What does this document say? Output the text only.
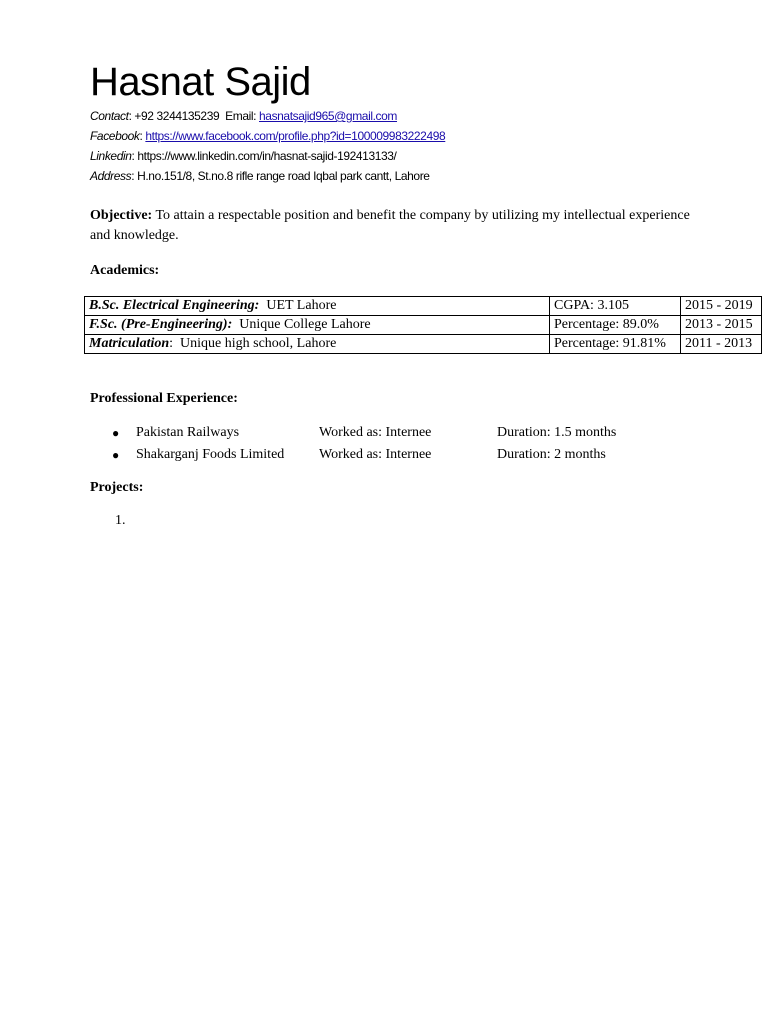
Hasnat Sajid
Contact: +92 3244135239 Email: hasnatsajid965@gmail.com
Facebook: https://www.facebook.com/profile.php?id=100009983222498
Linkedin: https://www.linkedin.com/in/hasnat-sajid-192413133/
Address: H.no.151/8, St.no.8 rifle range road Iqbal park cantt, Lahore
Objective: To attain a respectable position and benefit the company by utilizing my intellectual experience and knowledge.
Academics:
B.Sc. Electrical Engineering:  UET Lahore	CGPA: 3.105	2015 - 2019
F.Sc. (Pre-Engineering):  Unique College Lahore	Percentage: 89.0%	2013 - 2015
Matriculation:  Unique high school, Lahore	Percentage: 91.81%	2011 - 2013
Professional Experience:
● Pakistan Railways	Worked as: Internee	Duration: 1.5 months
● Shakarganj Foods Limited Worked as: Internee	Duration: 2 months
Projects:
1.
